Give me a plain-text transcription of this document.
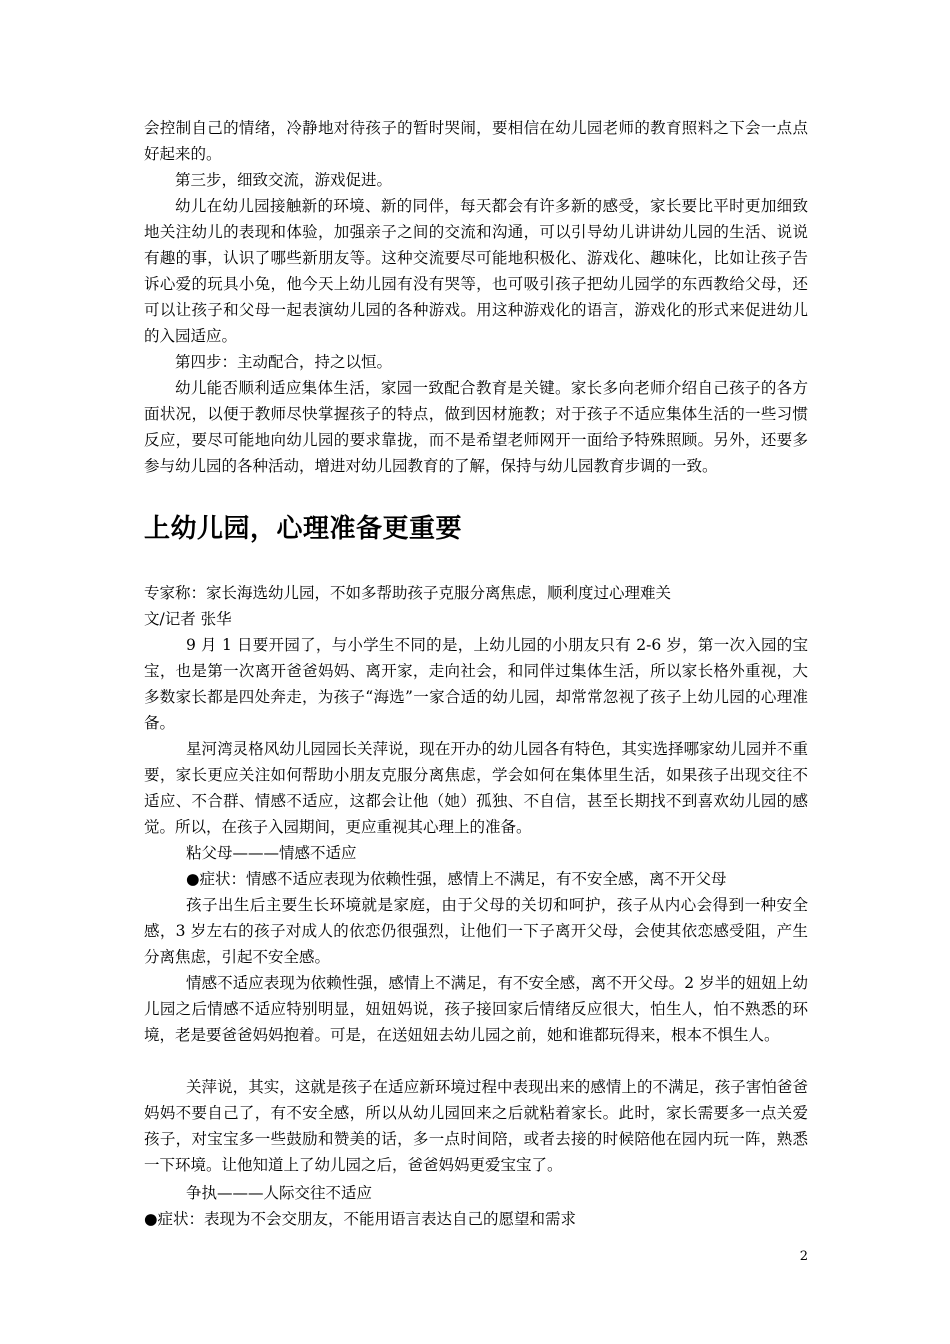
会控制自己的情绪，冷静地对待孩子的暂时哭闹，要相信在幼儿园老师的教育照料之下会一点点好起来的。

第三步，细致交流，游戏促进。

幼儿在幼儿园接触新的环境、新的同伴，每天都会有许多新的感受，家长要比平时更加细致地关注幼儿的表现和体验，加强亲子之间的交流和沟通，可以引导幼儿讲讲幼儿园的生活、说说有趣的事，认识了哪些新朋友等。这种交流要尽可能地积极化、游戏化、趣味化，比如让孩子告诉心爱的玩具小兔，他今天上幼儿园有没有哭等，也可吸引孩子把幼儿园学的东西教给父母，还可以让孩子和父母一起表演幼儿园的各种游戏。用这种游戏化的语言，游戏化的形式来促进幼儿的入园适应。

第四步：主动配合，持之以恒。

幼儿能否顺利适应集体生活，家园一致配合教育是关键。家长多向老师介绍自己孩子的各方面状况，以便于教师尽快掌握孩子的特点，做到因材施教；对于孩子不适应集体生活的一些习惯反应，要尽可能地向幼儿园的要求靠拢，而不是希望老师网开一面给予特殊照顾。另外，还要多参与幼儿园的各种活动，增进对幼儿园教育的了解，保持与幼儿园教育步调的一致。

上幼儿园，心理准备更重要

专家称：家长海选幼儿园，不如多帮助孩子克服分离焦虑，顺利度过心理难关

文/记者 张华

9 月 1 日要开园了，与小学生不同的是，上幼儿园的小朋友只有 2-6 岁，第一次入园的宝宝，也是第一次离开爸爸妈妈、离开家，走向社会，和同伴过集体生活，所以家长格外重视，大多数家长都是四处奔走，为孩子“海选”一家合适的幼儿园，却常常忽视了孩子上幼儿园的心理准备。

星河湾灵格风幼儿园园长关萍说，现在开办的幼儿园各有特色，其实选择哪家幼儿园并不重要，家长更应关注如何帮助小朋友克服分离焦虑，学会如何在集体里生活，如果孩子出现交往不适应、不合群、情感不适应，这都会让他（她）孤独、不自信，甚至长期找不到喜欢幼儿园的感觉。所以，在孩子入园期间，更应重视其心理上的准备。

粘父母———情感不适应

●症状：情感不适应表现为依赖性强，感情上不满足，有不安全感，离不开父母

孩子出生后主要生长环境就是家庭，由于父母的关切和呵护，孩子从内心会得到一种安全感，3 岁左右的孩子对成人的依恋仍很强烈，让他们一下子离开父母，会使其依恋感受阻，产生分离焦虑，引起不安全感。

情感不适应表现为依赖性强，感情上不满足，有不安全感，离不开父母。2 岁半的妞妞上幼儿园之后情感不适应特别明显，妞妞妈说，孩子接回家后情绪反应很大，怕生人，怕不熟悉的环境，老是要爸爸妈妈抱着。可是，在送妞妞去幼儿园之前，她和谁都玩得来，根本不惧生人。

关萍说，其实，这就是孩子在适应新环境过程中表现出来的感情上的不满足，孩子害怕爸爸妈妈不要自己了，有不安全感，所以从幼儿园回来之后就粘着家长。此时，家长需要多一点关爱孩子，对宝宝多一些鼓励和赞美的话，多一点时间陪，或者去接的时候陪他在园内玩一阵，熟悉一下环境。让他知道上了幼儿园之后，爸爸妈妈更爱宝宝了。

争执———人际交往不适应

●症状：表现为不会交朋友，不能用语言表达自己的愿望和需求

2
